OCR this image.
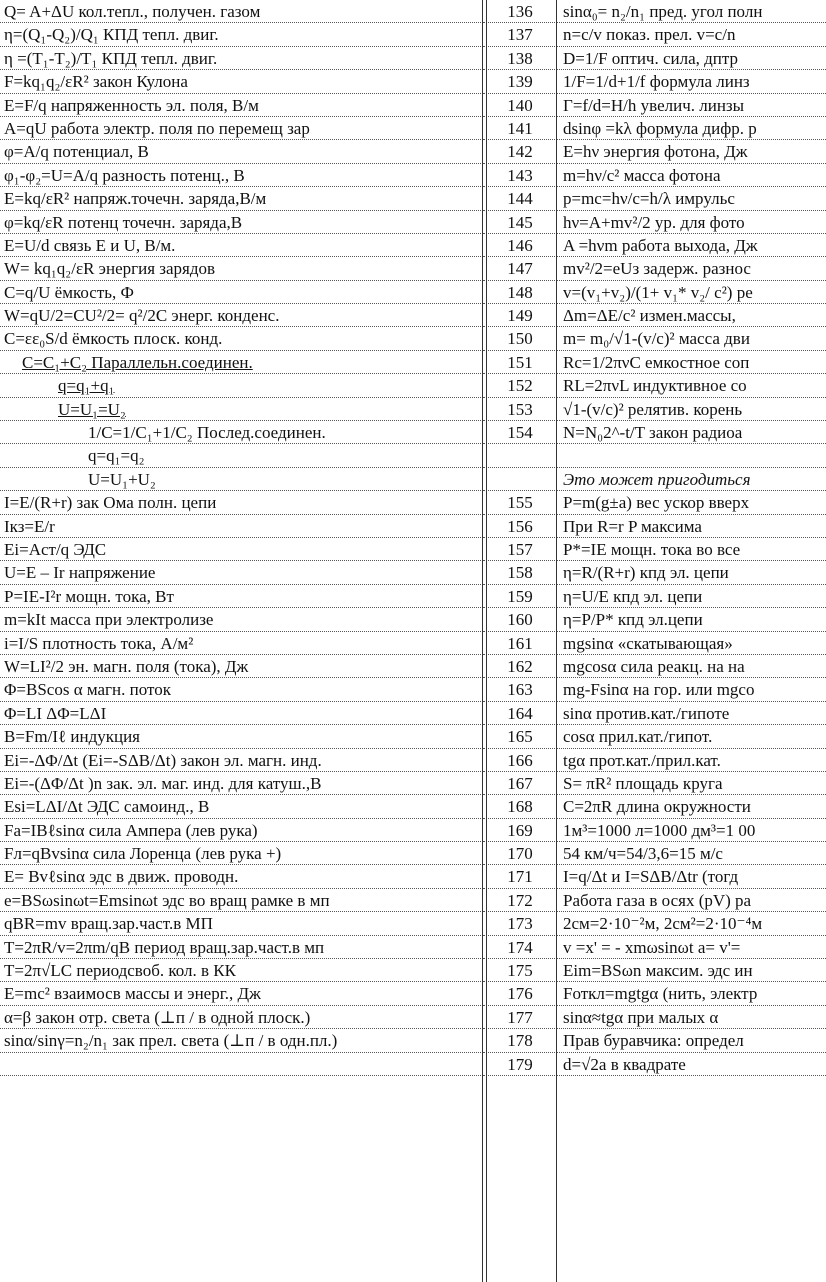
Q= A+ΔU кол.тепл., получен. газом
η=(Q₁-Q₂)/Q₁ КПД тепл. двиг.
η =(T₁-T₂)/T₁ КПД тепл. двиг.
F=kq₁q₂/εR² закон Кулона
E=F/q напряженность эл. поля, В/м
A=qU работа электр. поля по перемещ зар
φ=A/q потенциал, В
φ₁-φ₂=U=A/q разность потенц., В
E=kq/εR² напряж.точечн. заряда,В/м
φ=kq/εR потенц точечн. заряда,В
E=U/d связь E и U, В/м.
W= kq₁q₂/εR энергия зарядов
C=q/U ёмкость, Ф
W=qU/2=CU²/2= q²/2C энерг. конденс.
C=εε₀S/d ёмкость плоск. конд.
C=C₁+C₂ Параллельн.соединен.
q=q₁+q₁
U=U₁=U₂
1/C=1/C₁+1/C₂ Послед.соединен.
q=q₁=q₂
U=U₁+U₂
I=E/(R+r) зак Ома полн. цепи
Iкз=E/r
Ei=Aст/q ЭДС
U=E – Ir напряжение
P=IE-I²r мощн. тока, Вт
m=kIt масса при электролизе
i=I/S плотность тока, А/м²
W=LI²/2 эн. магн. поля (тока), Дж
Φ=BScos α магн. поток
Φ=LI ΔΦ=LΔI
B=Fm/Iℓ индукция
Ei=-ΔΦ/Δt (Ei=-SΔB/Δt) закон эл. магн. инд.
Ei=-(ΔΦ/Δt )n зак. эл. маг. инд. для катуш.,В
Esi=LΔI/Δt ЭДС самоинд., В
Fa=IBℓsinα сила Ампера (лев рука)
Fл=qBvsinα сила Лоренца (лев рука +)
E= Bvℓsinα эдс в движ. проводн.
e=BSωsinωt=Emsinωt эдс во вращ рамке в мп
qBR=mv вращ.зар.част.в МП
T=2πR/v=2πm/qB период вращ.зар.част.в мп
T=2π√LC периодсвоб. кол. в КК
E=mc² взаимосв массы и энерг., Дж
α=β закон отр. света (⊥п / в одной плоск.)
sinα/sinγ=n₂/n₁ зак прел. света (⊥п / в одн.пл.)
136
137
138
139
140
141
142
143
144
145
146
147
148
149
150
151
152
153
154
155
156
157
158
159
160
161
162
163
164
165
166
167
168
169
170
171
172
173
174
175
176
177
178
179
sinα₀= n₂/n₁ пред. угол полн
n=c/v показ. прел. v=c/n
D=1/F оптич. сила, дптр
1/F=1/d+1/f формула линз
Г=f/d=H/h увелич. линзы
dsinφ =kλ формула дифр. р
E=hν энергия фотона, Дж
m=hν/c² масса фотона
p=mc=hν/c=h/λ имрульс
hν=A+mv²/2 ур. для фото
A =hνm работа выхода, Дж
mv²/2=eUз задерж. разнос
v=(v₁+v₂)/(1+ v₁* v₂/ c²) ре
Δm=ΔE/c² измен.массы,
m= m₀/√1-(v/c)² масса дви
Rc=1/2πνC емкостное соп
RL=2πνL индуктивное со
√1-(v/c)² релятив. корень
N=N₀2^-t/T закон радиоа
Это может пригодиться
P=m(g±a) вес ускор вверх
При R=r P максима
P*=IE мощн. тока во все
η=R/(R+r) кпд эл. цепи
η=U/E кпд эл. цепи
η=P/P* кпд эл.цепи
mgsinα «скатывающая»
mgcosα сила реакц. на на
mg-Fsinα на гор. или mgco
sinα против.кат./гипоте
cosα прил.кат./гипот.
tgα прот.кат./прил.кат.
S= πR² площадь круга
C=2πR длина окружности
1м³=1000 л=1000 дм³=1 00
54 км/ч=54/3,6=15 м/с
I=q/Δt и I=SΔB/Δtr (тогд
Работа газа в осях (pV) ра
2см=2·10⁻²м, 2см²=2·10⁻⁴м
v =x' = - xmωsinωt a= v'=
Eim=BSωn максим. эдс ин
Fоткл=mgtgα (нить, электр
sinα≈tgα при малых α
Прав буравчика: определ
d=√2a в квадрате
